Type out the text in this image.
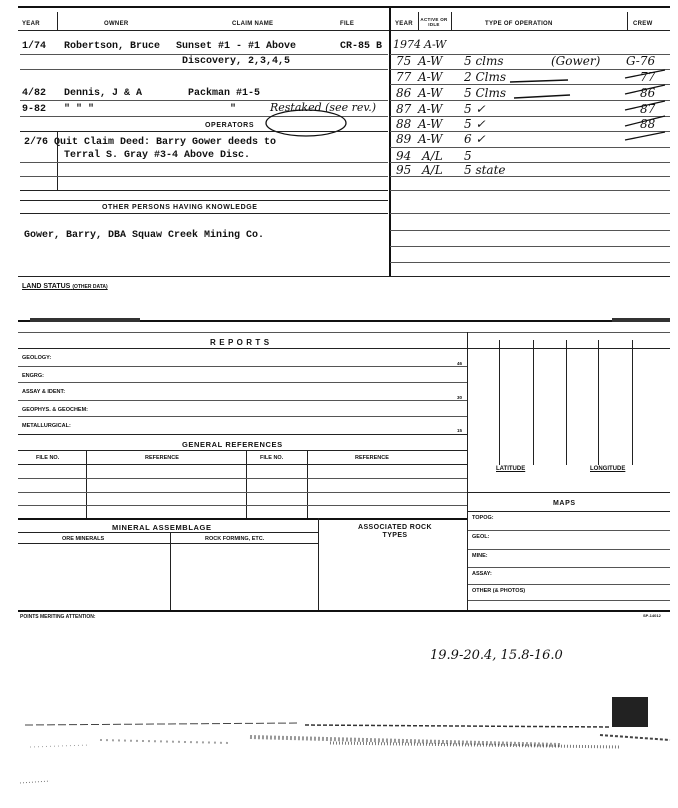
YEAR	OWNER	CLAIM NAME	FILE	YEAR
ACTIVE OR IDLE	TYPE OF OPERATION	CREW
1/74 Robertson, Bruce Sunset #1 - #1 Above	CR-85 B
Discovery, 2,3,4,5
4/82 Dennis, J & A	Packman #1-5
9-82 " " "	"	Restaked (see rev.)
OPERATORS
2/76 Quit Claim Deed: Barry Gower deeds to
Terral S. Gray #3-4 Above Disc.
1974 A-W
75 A-W 5 clms	(Gower) G-76
77 A-W 2 Clms	77
86 A-W 5 Clms	86
87 A-W 5 ✓	87
88 A-W 5 ✓	88
89 A-W 6 ✓
94 A/L 5
95 A/L 5 state
OTHER PERSONS HAVING KNOWLEDGE
Gower, Barry, DBA Squaw Creek Mining Co.
LAND STATUS (OTHER DATA)
R E P O R T S
GEOLOGY:
46
ENGRG:
ASSAY & IDENT:
30
GEOPHYS. & GEOCHEM:
METALLURGICAL:
15
LATITUDE	LONGITUDE
GENERAL REFERENCES
FILE NO.	REFERENCE	FILE NO.	REFERENCE
MAPS
TOPOG:
GEOL:
MINE:
ASSAY:
OTHER (& PHOTOS)
MINERAL ASSEMBLAGE
ORE MINERALS	ROCK FORMING, ETC.
ASSOCIATED ROCK TYPES
POINTS MERITING ATTENTION:	SP-14012
19.9-20.4, 15.8-16.0
